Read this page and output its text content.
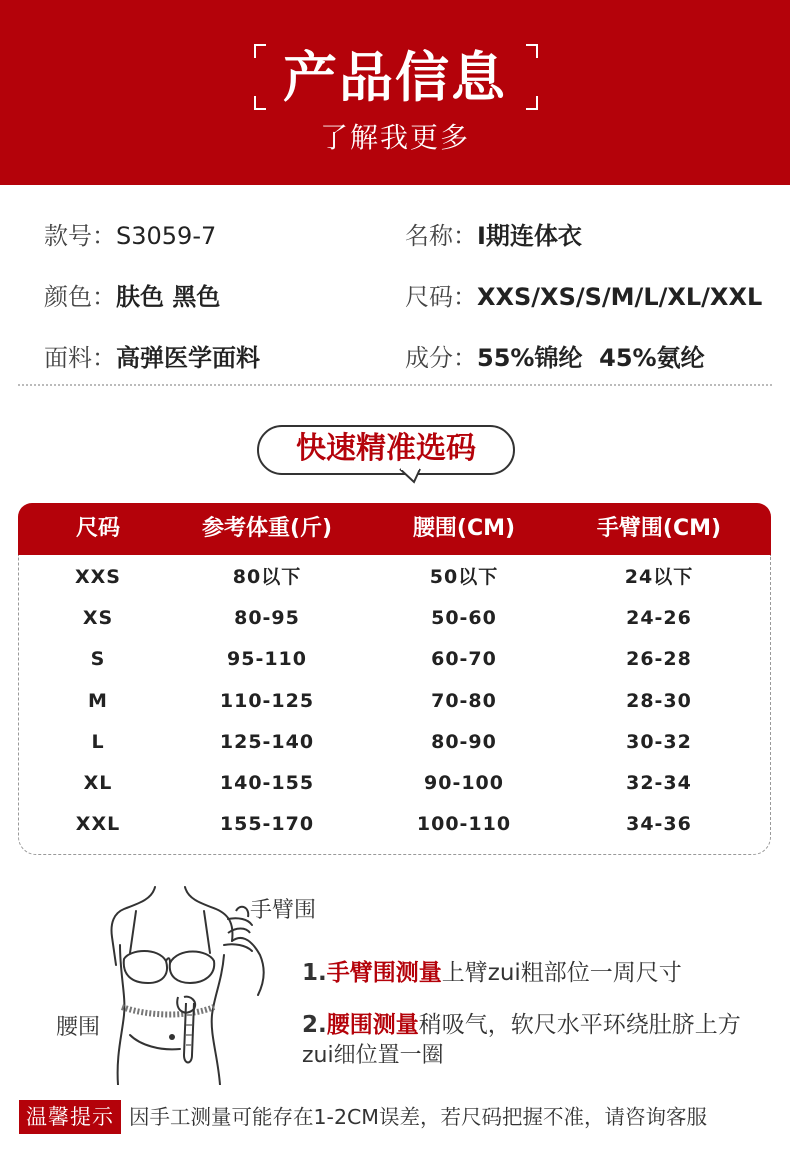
产品信息
了解我更多
款号：S3059-7	名称：Ⅰ期连体衣
颜色：肤色 黑色	尺码：XXS/XS/S/M/L/XL/XXL
面料：高弹医学面料	成分：55%锦纶  45%氨纶
快速精准选码
尺码	参考体重(斤)	腰围(CM)	手臂围(CM)
XXS	80以下	50以下	24以下
XS	80-95	50-60	24-26
S	95-110	60-70	26-28
M	110-125	70-80	28-30
L	125-140	80-90	30-32
XL	140-155	90-100	32-34
XXL	155-170	100-110	34-36
手臂围
腰围
1.手臂围测量上臂zui粗部位一周尺寸
2.腰围测量稍吸气，软尺水平环绕肚脐上方
zui细位置一圈
温馨提示 因手工测量可能存在1-2CM误差，若尺码把握不准，请咨询客服
